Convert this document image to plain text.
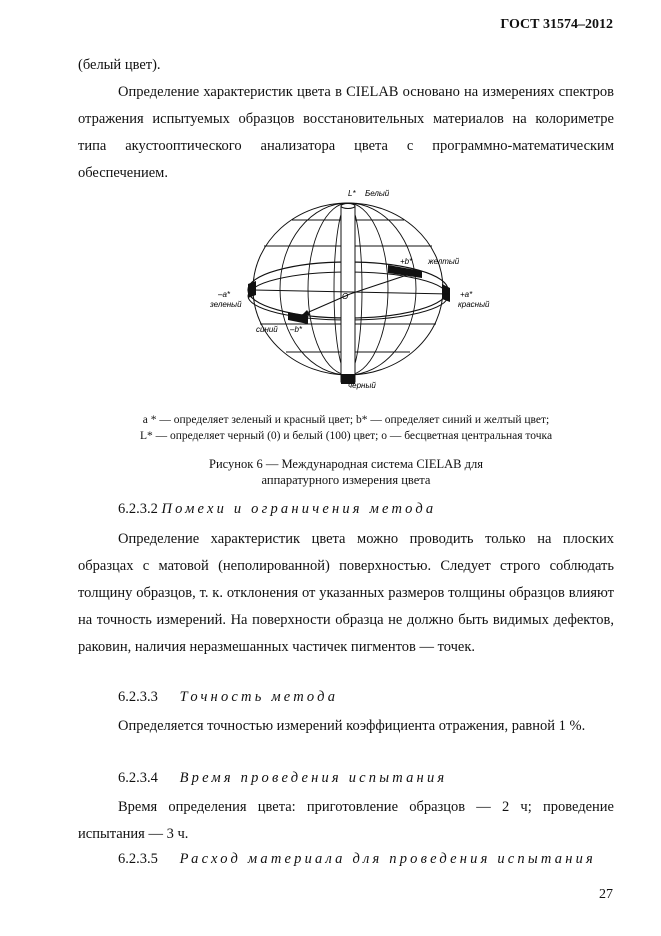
ГОСТ 31574–2012

(белый цвет).

Определение характеристик цвета в CIELAB основано на измерениях спектров отражения испытуемых образцов восстановительных материалов на колориметре типа акустооптического анализатора цвета с программно-математическим обеспечением.

L* Белый
+b* желтый
–a*
зеленый
+a*
красный
O
синий –b*
черный
a * — определяет зеленый и красный цвет; b* — определяет синий и желтый цвет;
L* — определяет черный (0) и белый (100) цвет; o — бесцветная центральная точка
Рисунок 6 — Международная система CIELAB для
аппаратурного измерения цвета
6.2.3.2 Помехи и ограничения метода

Определение характеристик цвета можно проводить только на плоских образцах с матовой (неполированной) поверхностью. Следует строго соблюдать толщину образцов, т. к. отклонения от указанных размеров толщины образцов влияют на точность измерений. На поверхности образца не должно быть видимых дефектов, раковин, наличия неразмешанных частичек пигментов — точек.

6.2.3.3 Точность метода

Определяется точностью измерений коэффициента отражения, равной 1 %.

6.2.3.4 Время проведения испытания

Время определения цвета: приготовление образцов — 2 ч; проведение испытания — 3 ч.

6.2.3.5 Расход материала для проведения испытания
27
